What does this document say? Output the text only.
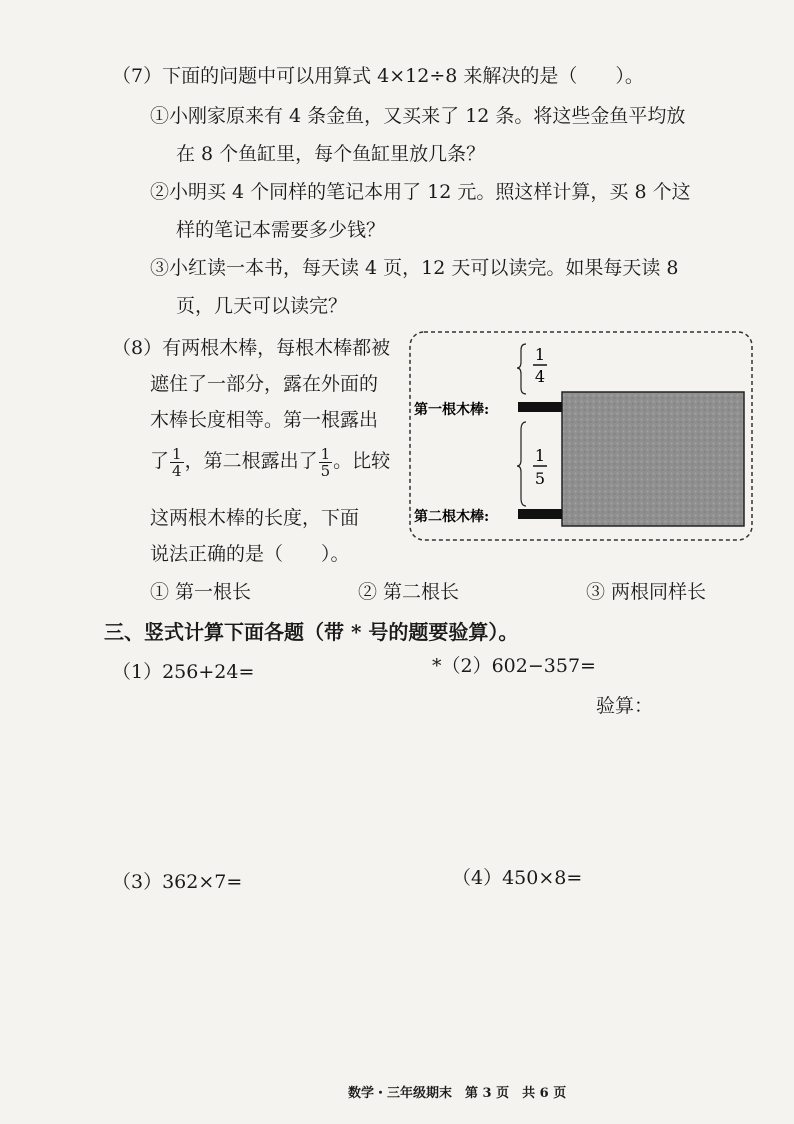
（7）下面的问题中可以用算式 4×12÷8 来解决的是（　　）。
①小刚家原来有 4 条金鱼，又买来了 12 条。将这些金鱼平均放
在 8 个鱼缸里，每个鱼缸里放几条？
②小明买 4 个同样的笔记本用了 12 元。照这样计算，买 8 个这
样的笔记本需要多少钱？
③小红读一本书，每天读 4 页，12 天可以读完。如果每天读 8
页，几天可以读完？
（8）有两根木棒，每根木棒都被
遮住了一部分，露在外面的
木棒长度相等。第一根露出
了 $\frac{1}{4}$ ，第二根露出了 $\frac{1}{5}$ 。比较
这两根木棒的长度，下面
说法正确的是（　　）。
1
4
1
5
第一根木棒:
第二根木棒:
① 第一根长	② 第二根长	③ 两根同样长
三、竖式计算下面各题（带 * 号的题要验算）。
（1）256+24=	*（2）602−357=
验算：
（3）362×7=	（4）450×8=
数学・三年级期末　第 3 页　共 6 页
